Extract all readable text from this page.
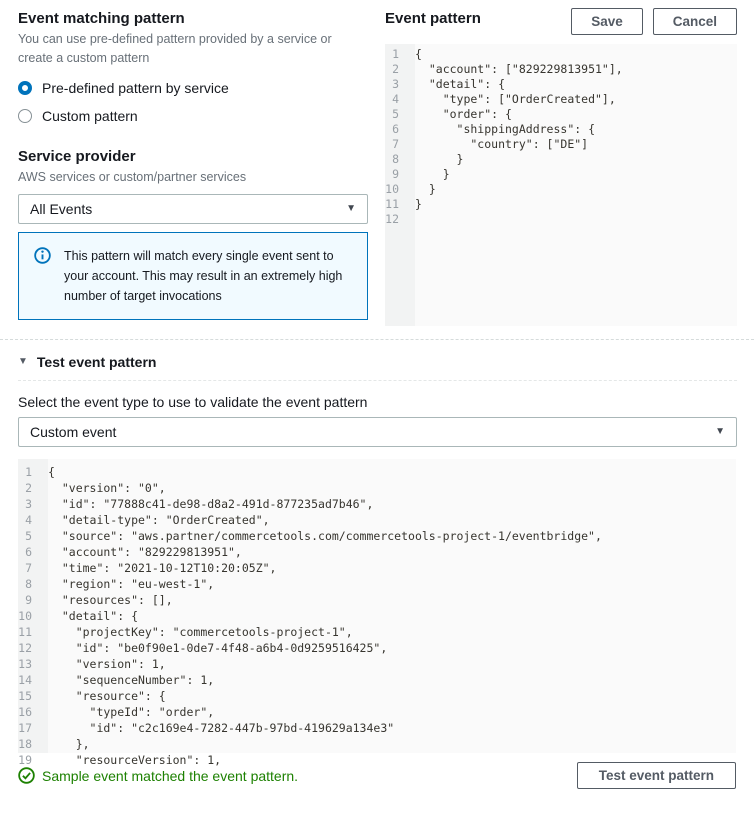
Event matching pattern

You can use pre-defined pattern provided by a service or create a custom pattern

Pre-defined pattern by service
Custom pattern
Service provider

AWS services or custom/partner services

All Events	▼

This pattern will match every single event sent to your account. This may result in an extremely high number of target invocations

Event pattern	Save	Cancel
1	{
2	"account": ["829229813951"],
3	"detail": {
4	"type": ["OrderCreated"],
5	"order": {
6	"shippingAddress": {
7	"country": ["DE"]
8	}
9	}
10	}
11	}
12
▼ Test event pattern
Select the event type to use to validate the event pattern
Custom event	▼
1	{
2	"version": "0",
3	"id": "77888c41-de98-d8a2-491d-877235ad7b46",
4	"detail-type": "OrderCreated",
5	"source": "aws.partner/commercetools.com/commercetools-project-1/eventbridge",
6	"account": "829229813951",
7	"time": "2021-10-12T10:20:05Z",
8	"region": "eu-west-1",
9	"resources": [],
10	"detail": {
11	"projectKey": "commercetools-project-1",
12	"id": "be0f90e1-0de7-4f48-a6b4-0d9259516425",
13	"version": 1,
14	"sequenceNumber": 1,
15	"resource": {
16	"typeId": "order",
17	"id": "c2c169e4-7282-447b-97bd-419629a134e3"
18	},
19	"resourceVersion": 1,
Sample event matched the event pattern.	Test event pattern
